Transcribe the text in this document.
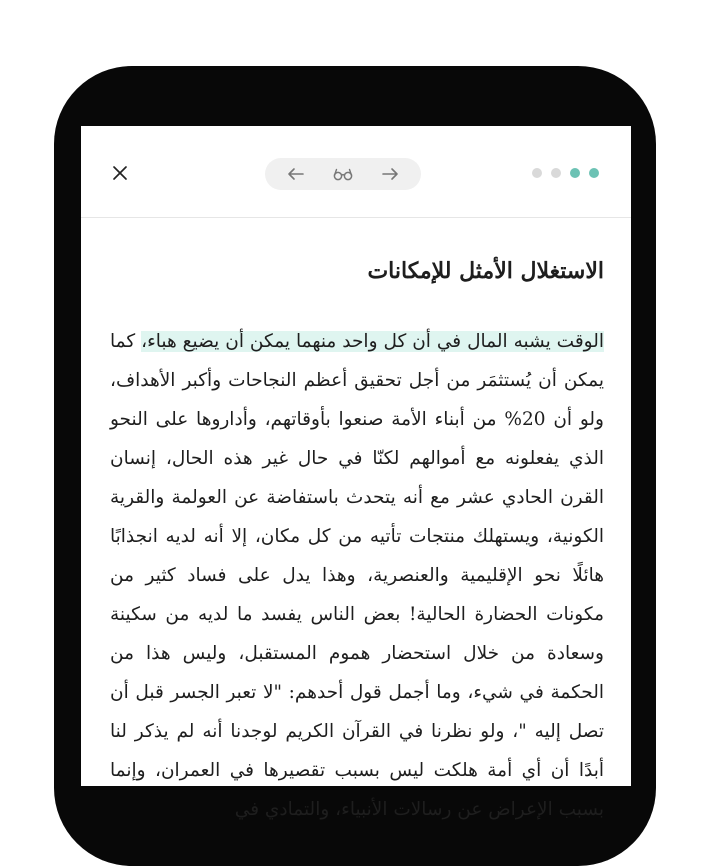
الاستغلال الأمثل للإمكانات

الوقت يشبه المال في أن كل واحد منهما يمكن أن يضيع هباء، كما يمكن أن يُستثمَر من أجل تحقيق أعظم النجاحات وأكبر الأهداف، ولو أن 20% من أبناء الأمة صنعوا بأوقاتهم، وأداروها على النحو الذي يفعلونه مع أموالهم لكنّا في حال غير هذه الحال، إنسان القرن الحادي عشر مع أنه يتحدث باستفاضة عن العولمة والقرية الكونية، ويستهلك منتجات تأتيه من كل مكان، إلا أنه لديه انجذابًا هائلًا نحو الإقليمية والعنصرية، وهذا يدل على فساد كثير من مكونات الحضارة الحالية! بعض الناس يفسد ما لديه من سكينة وسعادة من خلال استحضار هموم المستقبل، وليس هذا من الحكمة في شيء، وما أجمل قول أحدهم: "لا تعبر الجسر قبل أن تصل إليه "، ولو نظرنا في القرآن الكريم لوجدنا أنه لم يذكر لنا أبدًا أن أي أمة هلكت ليس بسبب تقصيرها في العمران، وإنما بسبب الإعراض عن رسالات الأنبياء، والتمادي في
